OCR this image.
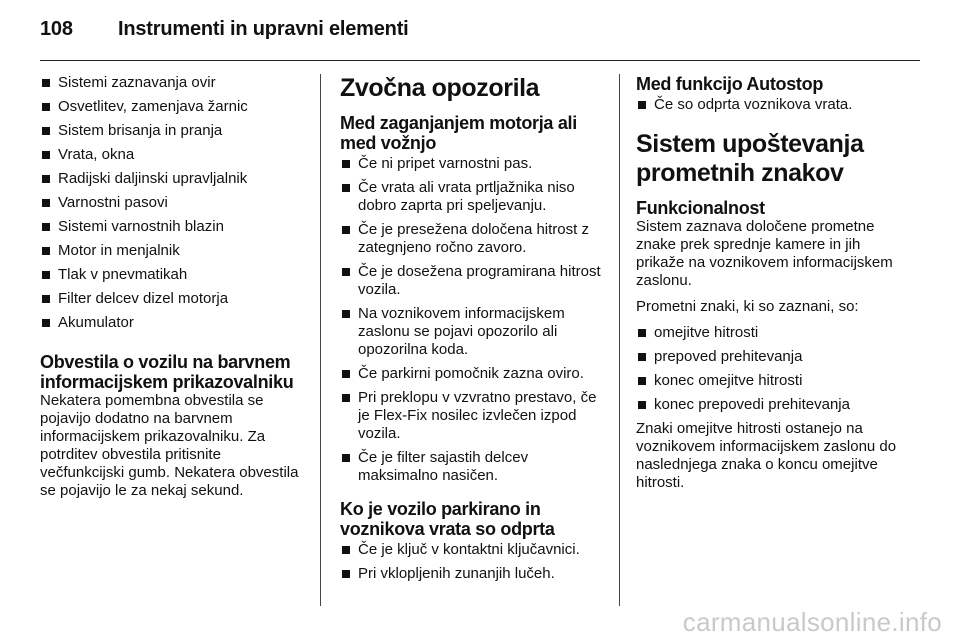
108	Instrumenti in upravni elementi
Sistemi zaznavanja ovir
Osvetlitev, zamenjava žarnic
Sistem brisanja in pranja
Vrata, okna
Radijski daljinski upravljalnik
Varnostni pasovi
Sistemi varnostnih blazin
Motor in menjalnik
Tlak v pnevmatikah
Filter delcev dizel motorja
Akumulator
Obvestila o vozilu na barvnem informacijskem prikazovalniku
Nekatera pomembna obvestila se pojavijo dodatno na barvnem informacijskem prikazovalniku. Za potrditev obvestila pritisnite večfunkcijski gumb. Nekatera obvestila se pojavijo le za nekaj sekund.
Zvočna opozorila
Med zaganjanjem motorja ali med vožnjo
Če ni pripet varnostni pas.
Če vrata ali vrata prtljažnika niso dobro zaprta pri speljevanju.
Če je presežena določena hitrost z zategnjeno ročno zavoro.
Če je dosežena programirana hitrost vozila.
Na voznikovem informacijskem zaslonu se pojavi opozorilo ali opozorilna koda.
Če parkirni pomočnik zazna oviro.
Pri preklopu v vzvratno prestavo, če je Flex-Fix nosilec izvlečen izpod vozila.
Če je filter sajastih delcev maksimalno nasičen.
Ko je vozilo parkirano in voznikova vrata so odprta
Če je ključ v kontaktni ključavnici.
Pri vklopljenih zunanjih lučeh.
Med funkcijo Autostop
Če so odprta voznikova vrata.
Sistem upoštevanja prometnih znakov
Funkcionalnost
Sistem zaznava določene prometne znake prek sprednje kamere in jih prikaže na voznikovem informacijskem zaslonu.
Prometni znaki, ki so zaznani, so:
omejitve hitrosti
prepoved prehitevanja
konec omejitve hitrosti
konec prepovedi prehitevanja
Znaki omejitve hitrosti ostanejo na voznikovem informacijskem zaslonu do naslednjega znaka o koncu omejitve hitrosti.
carmanualsonline.info
